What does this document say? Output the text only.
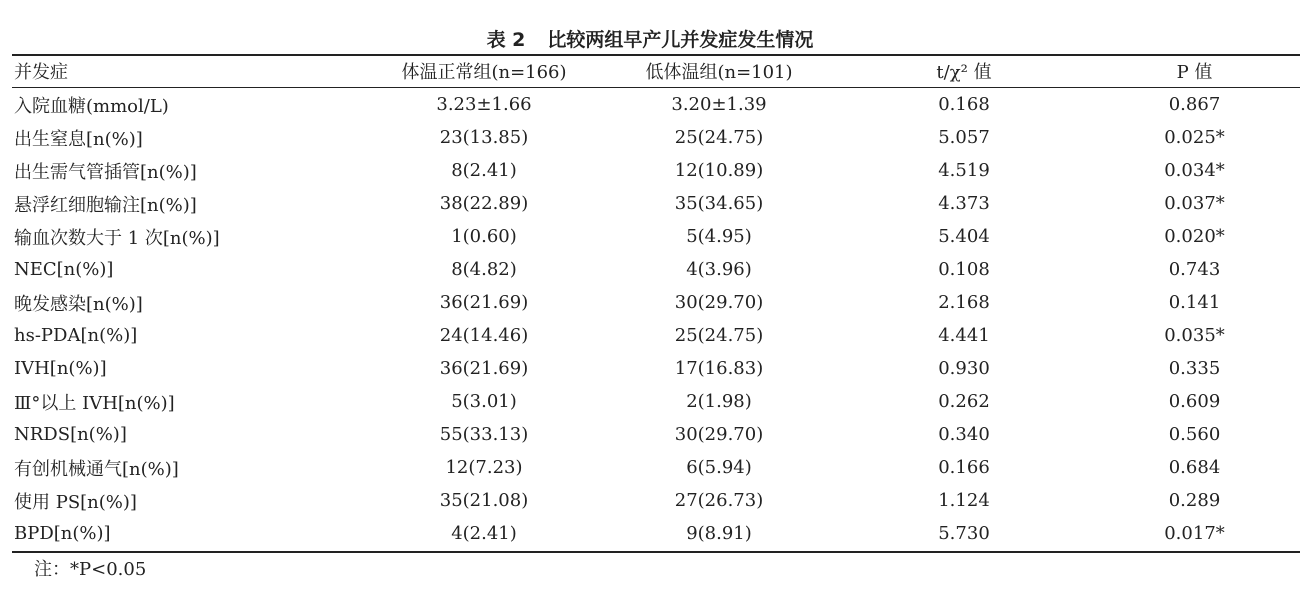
表 2 比较两组早产儿并发症发生情况
并发症	体温正常组(n=166)	低体温组(n=101)	t/χ² 值	P 值
入院血糖(mmol/L)	3.23±1.66	3.20±1.39	0.168	0.867
出生窒息[n(%)]	23(13.85)	25(24.75)	5.057	0.025*
出生需气管插管[n(%)]	8(2.41)	12(10.89)	4.519	0.034*
悬浮红细胞输注[n(%)]	38(22.89)	35(34.65)	4.373	0.037*
输血次数大于 1 次[n(%)]	1(0.60)	5(4.95)	5.404	0.020*
NEC[n(%)]	8(4.82)	4(3.96)	0.108	0.743
晚发感染[n(%)]	36(21.69)	30(29.70)	2.168	0.141
hs-PDA[n(%)]	24(14.46)	25(24.75)	4.441	0.035*
IVH[n(%)]	36(21.69)	17(16.83)	0.930	0.335
Ⅲ°以上 IVH[n(%)]	5(3.01)	2(1.98)	0.262	0.609
NRDS[n(%)]	55(33.13)	30(29.70)	0.340	0.560
有创机械通气[n(%)]	12(7.23)	6(5.94)	0.166	0.684
使用 PS[n(%)]	35(21.08)	27(26.73)	1.124	0.289
BPD[n(%)]	4(2.41)	9(8.91)	5.730	0.017*
注：*P<0.05
